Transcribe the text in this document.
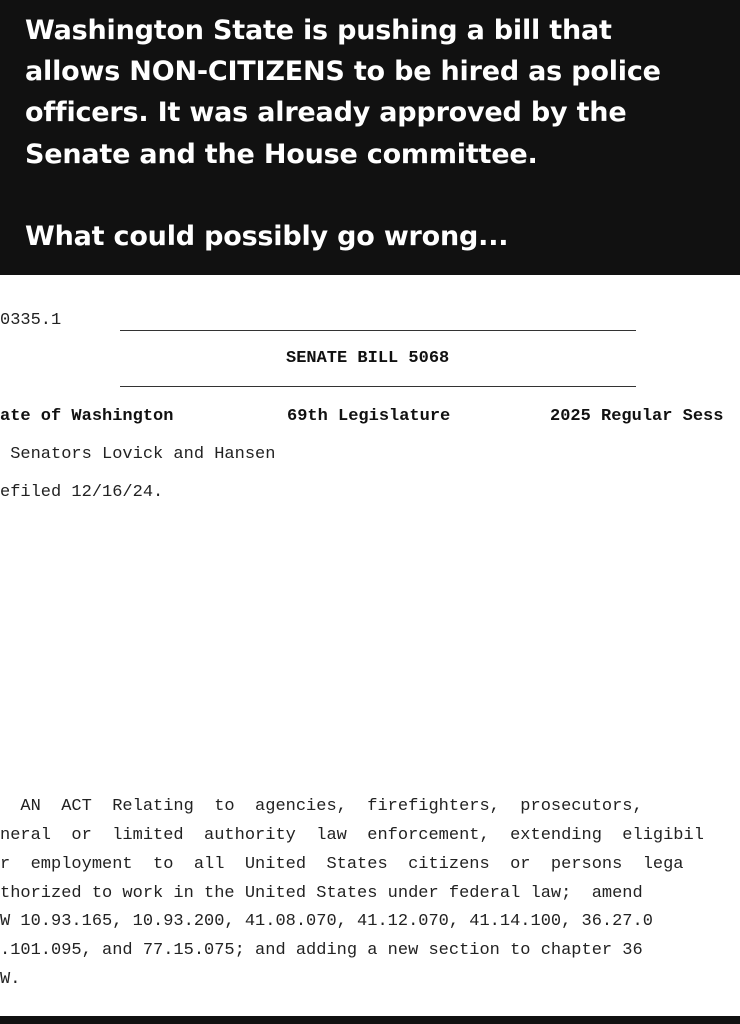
Washington State is pushing a bill that
allows NON-CITIZENS to be hired as police
officers. It was already approved by the
Senate and the House committee.
What could possibly go wrong...
0335.1
SENATE BILL 5068
ate of Washington	69th Legislature	2025 Regular Sess
Senators Lovick and Hansen
efiled 12/16/24.
AN  ACT  Relating  to  agencies,  firefighters,  prosecutors,
neral  or  limited  authority  law  enforcement,  extending  eligibil
r  employment  to  all  United  States  citizens  or  persons  lega
thorized to work in the United States under federal law;  amend
W 10.93.165, 10.93.200, 41.08.070, 41.12.070, 41.14.100, 36.27.0
.101.095, and 77.15.075; and adding a new section to chapter 36
W.
